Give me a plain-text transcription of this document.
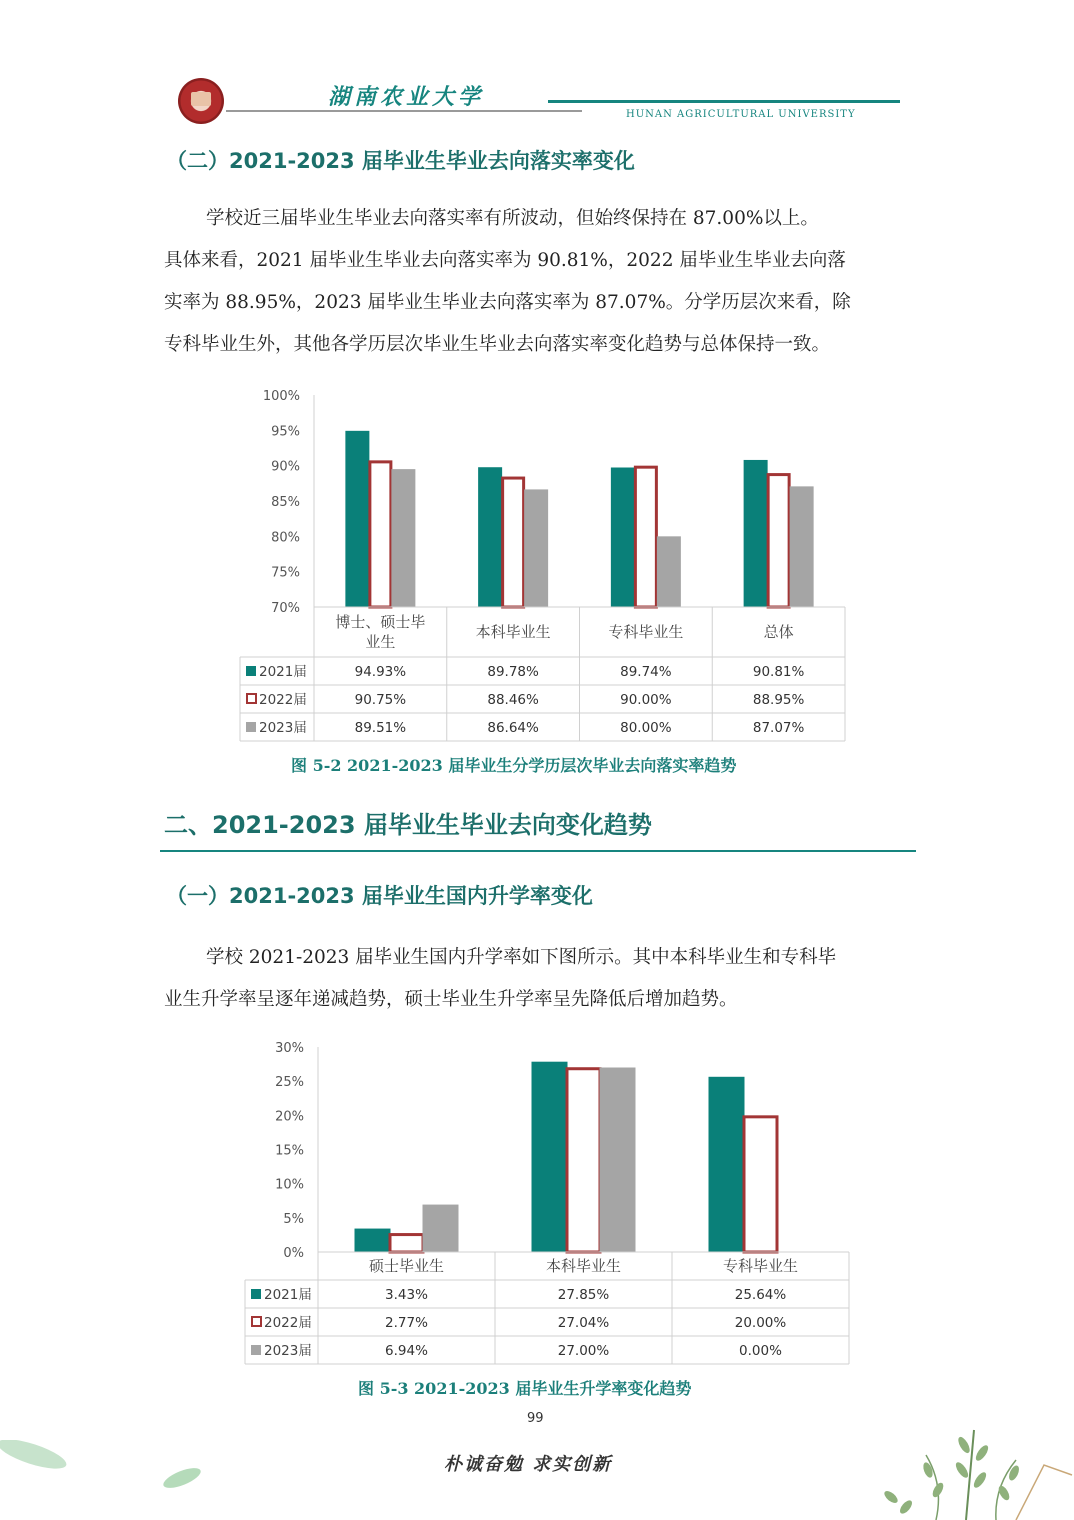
湖南农业大学
HUNAN AGRICULTURAL UNIVERSITY
（二）2021-2023 届毕业生毕业去向落实率变化

学校近三届毕业生毕业去向落实率有所波动，但始终保持在 87.00%以上。

具体来看，2021 届毕业生毕业去向落实率为 90.81%，2022 届毕业生毕业去向落

实率为 88.95%，2023 届毕业生毕业去向落实率为 87.07%。分学历层次来看，除

专科毕业生外，其他各学历层次毕业生毕业去向落实率变化趋势与总体保持一致。

100%
95%
90%
85%
80%
75%
70%
博士、硕士毕
业生
本科毕业生	专科毕业生	总体
2021届	94.93%	89.78%	89.74%	90.81%
2022届	90.75%	88.46%	90.00%	88.95%
2023届	89.51%	86.64%	80.00%	87.07%
图 5-2 2021-2023 届毕业生分学历层次毕业去向落实率趋势
二、2021-2023 届毕业生毕业去向变化趋势
（一）2021-2023 届毕业生国内升学率变化

学校 2021-2023 届毕业生国内升学率如下图所示。其中本科毕业生和专科毕

业生升学率呈逐年递减趋势，硕士毕业生升学率呈先降低后增加趋势。

30%
25%
20%
15%
10%
5%
0%
硕士毕业生	本科毕业生	专科毕业生
2021届	3.43%	27.85%	25.64%
2022届	2.77%	27.04%	20.00%
2023届	6.94%	27.00%	0.00%
图 5-3 2021-2023 届毕业生升学率变化趋势
99
朴诚奋勉 求实创新
